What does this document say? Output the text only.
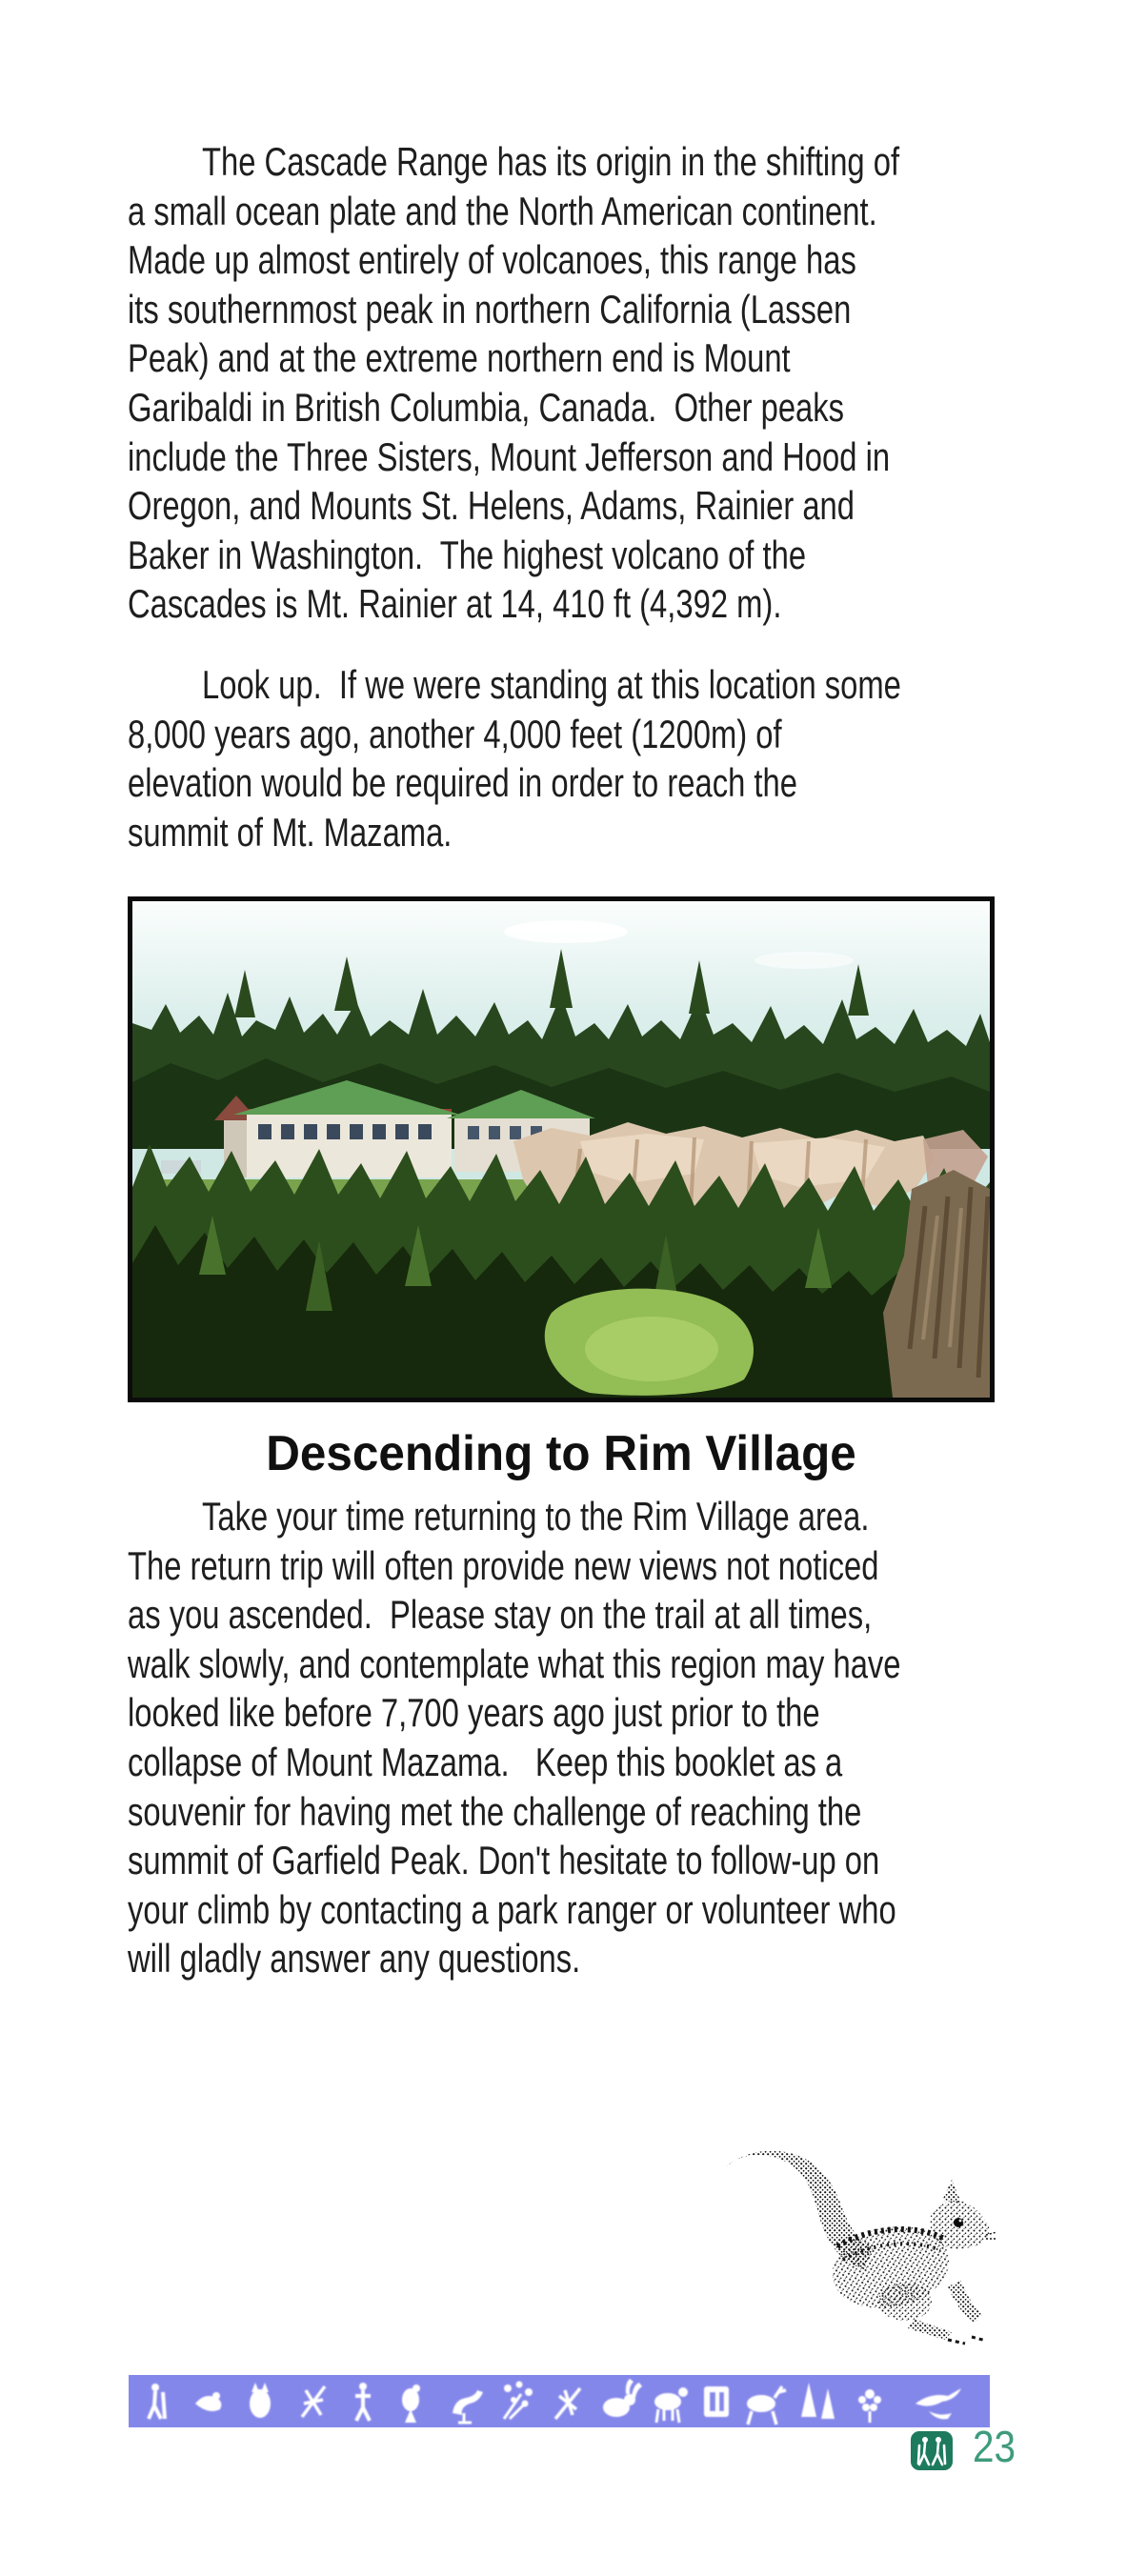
The Cascade Range has its origin in the shifting of
a small ocean plate and the North American continent.
Made up almost entirely of volcanoes, this range has
its southernmost peak in northern California (Lassen
Peak) and at the extreme northern end is Mount
Garibaldi in British Columbia, Canada.  Other peaks
include the Three Sisters, Mount Jefferson and Hood in
Oregon, and Mounts St. Helens, Adams, Rainier and
Baker in Washington.  The highest volcano of the
Cascades is Mt. Rainier at 14, 410 ft (4,392 m).
Look up.  If we were standing at this location some
8,000 years ago, another 4,000 feet (1200m) of
elevation would be required in order to reach the
summit of Mt. Mazama.
Descending to Rim Village
Take your time returning to the Rim Village area.
The return trip will often provide new views not noticed
as you ascended.  Please stay on the trail at all times,
walk slowly, and contemplate what this region may have
looked like before 7,700 years ago just prior to the
collapse of Mount Mazama.   Keep this booklet as a
souvenir for having met the challenge of reaching the
summit of Garfield Peak. Don't hesitate to follow-up on
your climb by contacting a park ranger or volunteer who
will gladly answer any questions.
23
